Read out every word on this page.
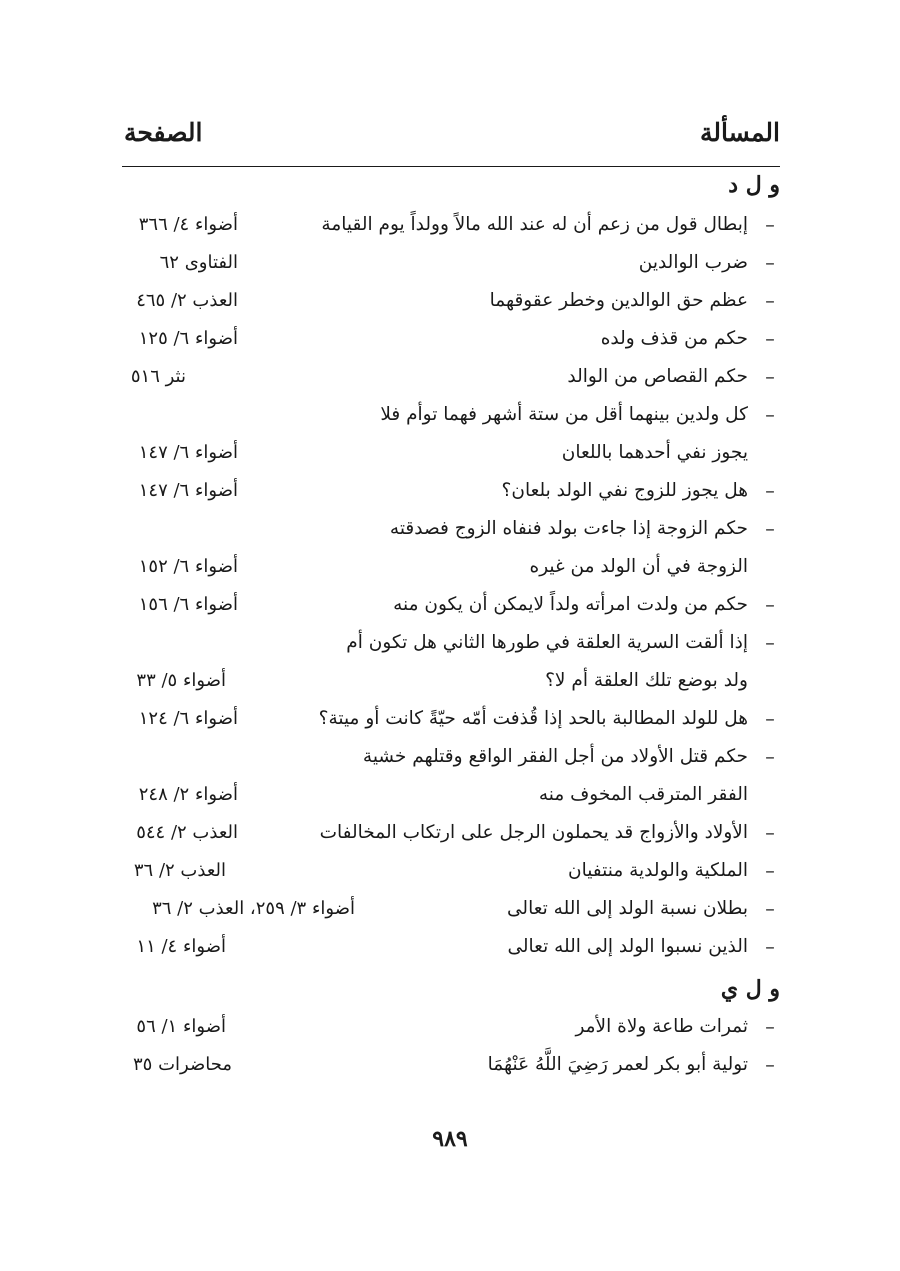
المسألة
الصفحة
و ل د
–
إبطال قول من زعم أن له عند الله مالاً وولداً يوم القيامة
أضواء ٤/ ٣٦٦
–
ضرب الوالدين
الفتاوى ٦٢
–
عظم حق الوالدين وخطر عقوقهما
العذب ٢/ ٤٦٥
–
حكم من قذف ولده
أضواء ٦/ ١٢٥
–
حكم القصاص من الوالد
نثر ٥١٦
–
كل ولدين بينهما أقل من ستة أشهر فهما توأم فلا
يجوز نفي أحدهما باللعان
أضواء ٦/ ١٤٧
–
هل يجوز للزوج نفي الولد بلعان؟
أضواء ٦/ ١٤٧
–
حكم الزوجة إذا جاءت بولد فنفاه الزوج فصدقته
الزوجة في أن الولد من غيره
أضواء ٦/ ١٥٢
–
حكم من ولدت امرأته ولداً لايمكن أن يكون منه
أضواء ٦/ ١٥٦
–
إذا ألقت السرية العلقة في طورها الثاني هل تكون أم
ولد بوضع تلك العلقة أم لا؟
أضواء ٥/ ٣٣
–
هل للولد المطالبة بالحد إذا قُذفت أمّه حيّةً كانت أو ميتة؟
أضواء ٦/ ١٢٤
–
حكم قتل الأولاد من أجل الفقر الواقع وقتلهم خشية
الفقر المترقب المخوف منه
أضواء ٢/ ٢٤٨
–
الأولاد والأزواج قد يحملون الرجل على ارتكاب المخالفات
العذب ٢/ ٥٤٤
–
الملكية والولدية منتفيان
العذب ٢/ ٣٦
–
بطلان نسبة الولد إلى الله تعالى
أضواء ٣/ ٢٥٩، العذب ٢/ ٣٦
–
الذين نسبوا الولد إلى الله تعالى
أضواء ٤/ ١١
و ل ي
–
ثمرات طاعة ولاة الأمر
أضواء ١/ ٥٦
–
تولية أبو بكر لعمر رَضِيَ اللَّهُ عَنْهُمَا
محاضرات ٣٥
٩٨٩
